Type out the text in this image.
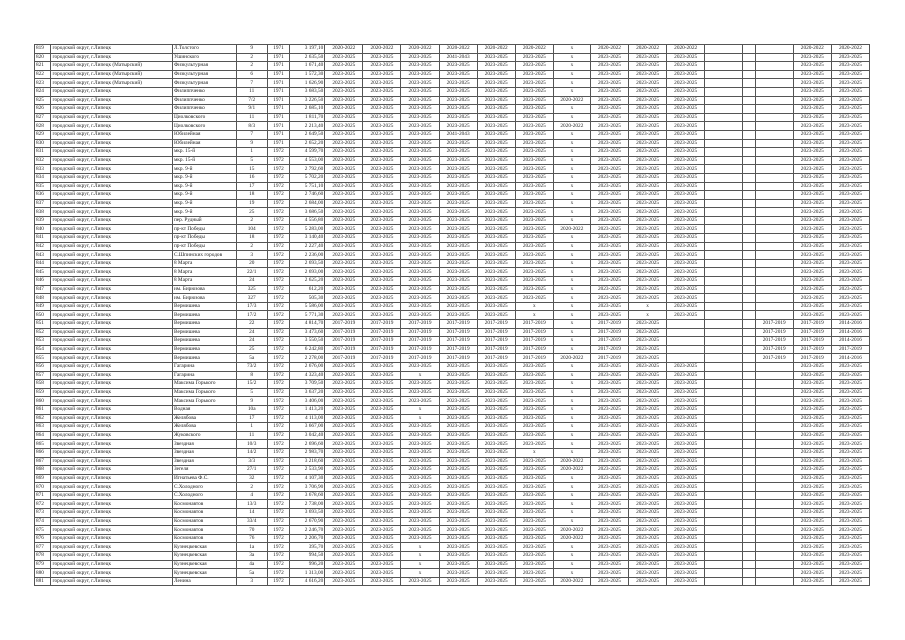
819	городской округ, г.Липецк	Л.Толстого	9	1971	3 197,10	2020-2022	2020-2022	2020-2022	2020-2022	2020-2022	2020-2022	x	2020-2022	2020-2022	2020-2022				2020-2022	2020-2022
820	городской округ, г.Липецк	Ушинского	2	1971	2 635,50	2023-2025	2023-2025	2023-2025	2041-2043	2023-2025	2023-2025	x	2023-2025	2023-2025	2023-2025				2023-2025	2023-2025
821	городской округ, г.Липецк (Матырский)	Физкультурная	2	1971	1 671,40	2023-2025	2023-2025	2023-2025	2023-2025	2023-2025	2023-2025	x	2023-2025	2023-2025	2023-2025				2023-2025	2023-2025
822	городской округ, г.Липецк (Матырский)	Физкультурная	6	1971	1 572,30	2023-2025	2023-2025	2023-2025	2023-2025	2023-2025	2023-2025	x	2023-2025	2023-2025	2023-2025				2023-2025	2023-2025
823	городской округ, г.Липецк (Матырский)	Физкультурная	7	1971	1 626,90	2023-2025	2023-2025	2023-2025	2023-2025	2023-2025	2023-2025	x	2023-2025	2023-2025	2023-2025				2023-2025	2023-2025
824	городской округ, г.Липецк	Филиппченко	11	1971	3 683,50	2023-2025	2023-2025	2023-2025	2023-2025	2023-2025	2023-2025	x	2023-2025	2023-2025	2023-2025				2023-2025	2023-2025
825	городской округ, г.Липецк	Филиппченко	7/2	1971	3 226,50	2023-2025	2023-2025	2023-2025	2023-2025	2023-2025	2023-2025	2020-2022	2023-2025	2023-2025	2023-2025				2023-2025	2023-2025
826	городской округ, г.Липецк	Филиппченко	9/1	1971	2 685,10	2023-2025	2023-2025	2023-2025	2023-2025	2023-2025	2023-2025	x	2023-2025	2023-2025	2023-2025				2023-2025	2023-2025
827	городской округ, г.Липецк	Циолковского	11	1971	1 811,70	2023-2025	2023-2025	2023-2025	2023-2025	2023-2025	2023-2025	x	2023-2025	2023-2025	2023-2025				2023-2025	2023-2025
828	городской округ, г.Липецк	Циолковского	8/3	1971	2 213,40	2023-2025	2023-2025	2023-2025	2023-2025	2023-2025	2023-2025	2020-2022	2023-2025	2023-2025	2023-2025				2023-2025	2023-2025
829	городской округ, г.Липецк	Юбилейная	7	1971	2 649,50	2023-2025	2023-2025	2023-2025	2041-2043	2023-2025	2023-2025	x	2023-2025	2023-2025	2023-2025				2023-2025	2023-2025
830	городской округ, г.Липецк	Юбилейная	9	1971	2 652,20	2023-2025	2023-2025	2023-2025	2023-2025	2023-2025	2023-2025	x	2023-2025	2023-2025	2023-2025				2023-2025	2023-2025
831	городской округ, г.Липецк	мкр. 15-й	1	1972	4 599,70	2023-2025	2023-2025	2023-2025	2023-2025	2023-2025	2023-2025	x	2023-2025	2023-2025	2023-2025				2023-2025	2023-2025
832	городской округ, г.Липецк	мкр. 15-й	5	1972	4 553,00	2023-2025	2023-2025	2023-2025	2023-2025	2023-2025	2023-2025	x	2023-2025	2023-2025	2023-2025				2023-2025	2023-2025
833	городской округ, г.Липецк	мкр. 9-й	15	1972	2 792,60	2023-2025	2023-2025	2023-2025	2023-2025	2023-2025	2023-2025	x	2023-2025	2023-2025	2023-2025				2023-2025	2023-2025
834	городской округ, г.Липецк	мкр. 9-й	16	1972	5 702,20	2023-2025	2023-2025	2023-2025	2023-2025	2023-2025	2023-2025	x	2023-2025	2023-2025	2023-2025				2023-2025	2023-2025
835	городской округ, г.Липецк	мкр. 9-й	17	1972	5 751,10	2023-2025	2023-2025	2023-2025	2023-2025	2023-2025	2023-2025	x	2023-2025	2023-2025	2023-2025				2023-2025	2023-2025
836	городской округ, г.Липецк	мкр. 9-й	18	1972	2 746,60	2023-2025	2023-2025	2023-2025	2023-2025	2023-2025	2023-2025	x	2023-2025	2023-2025	2023-2025				2023-2025	2023-2025
837	городской округ, г.Липецк	мкр. 9-й	19	1972	2 684,00	2023-2025	2023-2025	2023-2025	2023-2025	2023-2025	2023-2025	x	2023-2025	2023-2025	2023-2025				2023-2025	2023-2025
838	городской округ, г.Липецк	мкр. 9-й	25	1972	3 686,50	2023-2025	2023-2025	2023-2025	2023-2025	2023-2025	2023-2025	x	2023-2025	2023-2025	2023-2025				2023-2025	2023-2025
839	городской округ, г.Липецк	пер. Рудный	2	1972	4 556,80	2023-2025	2023-2025	2023-2025	2023-2025	2023-2025	2023-2025	x	2023-2025	2023-2025	2023-2025				2023-2025	2023-2025
840	городской округ, г.Липецк	пр-кт Победы	104	1972	5 283,00	2023-2025	2023-2025	2023-2025	2023-2025	2023-2025	2023-2025	2020-2022	2023-2025	2023-2025	2023-2025				2023-2025	2023-2025
841	городской округ, г.Липецк	пр-кт Победы	18	1972	3 140,40	2023-2025	2023-2025	2023-2025	2023-2025	2023-2025	2023-2025	x	2023-2025	2023-2025	2023-2025				2023-2025	2023-2025
842	городской округ, г.Липецк	пр-кт Победы	2	1972	2 227,40	2023-2025	2023-2025	2023-2025	2023-2025	2023-2025	2023-2025	x	2023-2025	2023-2025	2023-2025				2023-2025	2023-2025
843	городской округ, г.Липецк	С.Шпинских городов	3	1972	2 236,00	2023-2025	2023-2025	2023-2025	2023-2025	2023-2025	2023-2025	x	2023-2025	2023-2025	2023-2025				2023-2025	2023-2025
844	городской округ, г.Липецк	8 Марта	20	1972	2 693,50	2023-2025	2023-2025	2023-2025	2023-2025	2023-2025	2023-2025	x	2023-2025	2023-2025	2023-2025				2023-2025	2023-2025
845	городской округ, г.Липецк	8 Марта	22/1	1972	2 693,00	2023-2025	2023-2025	2023-2025	2023-2025	2023-2025	2023-2025	x	2023-2025	2023-2025	2023-2025				2023-2025	2023-2025
846	городской округ, г.Липецк	8 Марта	24	1972	2 625,20	2023-2025	2023-2025	2023-2025	2023-2025	2023-2025	2023-2025	x	2023-2025	2023-2025	2023-2025				2023-2025	2023-2025
847	городской округ, г.Липецк	им. Бирюзова	325	1972	612,20	2023-2025	2023-2025	2023-2025	2023-2025	2023-2025	2023-2025	x	2023-2025	2023-2025	2023-2025				2023-2025	2023-2025
848	городской округ, г.Липецк	им. Бирюзова	327	1972	505,30	2023-2025	2023-2025	2023-2025	2023-2025	2023-2025	2023-2025	x	2023-2025	2023-2025	2023-2025				2023-2025	2023-2025
849	городской округ, г.Липецк	Вермишева	17/3	1972	5 586,00	2023-2025	2023-2025	2023-2025	2023-2025	2023-2025	x	x	2023-2025	x	2023-2025				2023-2025	2023-2025
850	городской округ, г.Липецк	Вермишева	17/2	1972	5 771,30	2023-2025	2023-2025	2023-2025	2023-2025	2023-2025	x	x	2023-2025	x	2023-2025				2023-2025	2023-2025
851	городской округ, г.Липецк	Вермишева	22	1972	4 814,70	2017-2019	2017-2019	2017-2019	2017-2019	2017-2019	2017-2019	x	2017-2019	2023-2025				2017-2019	2017-2019	2014-2016
852	городской округ, г.Липецк	Вермишева	24	1972	3 473,60	2017-2019	2017-2019	2017-2019	2017-2019	2017-2019	2017-2019	x	2017-2019	2023-2025				2017-2019	2017-2019	2014-2016
853	городской округ, г.Липецк	Вермишева	24	1972	3 550,50	2017-2019	2017-2019	2017-2019	2017-2019	2017-2019	2017-2019	x	2017-2019	2023-2025				2017-2019	2017-2019	2014-2016
854	городской округ, г.Липецк	Вермишева	25	1972	6 242,80	2017-2019	2017-2019	2017-2019	2017-2019	2017-2019	2017-2019	x	2017-2019	2023-2025				2017-2019	2017-2019	2017-2019
855	городской округ, г.Липецк	Вермишева	5а	1972	2 278,00	2017-2019	2017-2019	2017-2019	2017-2019	2017-2019	2017-2019	2020-2022	2017-2019	2023-2025				2017-2019	2017-2019	2014-2016
856	городской округ, г.Липецк	Гагарина	73/2	1972	2 676,00	2023-2025	2023-2025	2023-2025	2023-2025	2023-2025	2023-2025	x	2023-2025	2023-2025	2023-2025				2023-2025	2023-2025
857	городской округ, г.Липецк	Гагарина	8	1972	4 323,40	2023-2025	2023-2025	x	2023-2025	2023-2025	2023-2025	x	2023-2025	2023-2025	2023-2025				2023-2025	2023-2025
858	городской округ, г.Липецк	Максима Горького	15/2	1972	3 709,50	2023-2025	2023-2025	2023-2025	2023-2025	2023-2025	2023-2025	x	2023-2025	2023-2025	2023-2025				2023-2025	2023-2025
859	городской округ, г.Липецк	Максима Горького	5	1972	3 637,20	2023-2025	2023-2025	2023-2025	2023-2025	2023-2025	2023-2025	x	2023-2025	2023-2025	2023-2025				2023-2025	2023-2025
860	городской округ, г.Липецк	Максима Горького	9	1972	3 406,00	2023-2025	2023-2025	2023-2025	2023-2025	2023-2025	2023-2025	x	2023-2025	2023-2025	2023-2025				2023-2025	2023-2025
861	городской округ, г.Липецк	Водная	10а	1972	1 413,20	2023-2025	2023-2025	x	2023-2025	2023-2025	2023-2025	x	2023-2025	2023-2025	2023-2025				2023-2025	2023-2025
862	городской округ, г.Липецк	Желябова	17	1972	4 113,00	2023-2025	2023-2025	x	2023-2025	2023-2025	2023-2025	x	2023-2025	2023-2025	2023-2025				2023-2025	2023-2025
863	городской округ, г.Липецк	Желябова	1	1972	3 667,00	2023-2025	2023-2025	2023-2025	2023-2025	2023-2025	2023-2025	x	2023-2025	2023-2025	2023-2025				2023-2025	2023-2025
864	городской округ, г.Липецк	Жуковского	11	1972	3 042,40	2023-2025	2023-2025	2023-2025	2023-2025	2023-2025	2023-2025	x	2023-2025	2023-2025	2023-2025				2023-2025	2023-2025
865	городской округ, г.Липецк	Звездная	10/3	1972	2 696,60	2023-2025	2023-2025	2023-2025	2023-2025	2023-2025	2023-2025	x	2023-2025	2023-2025	2023-2025				2023-2025	2023-2025
866	городской округ, г.Липецк	Звездная	14/2	1972	2 983,70	2023-2025	2023-2025	2023-2025	2023-2025	2023-2025	x	x	2023-2025	2023-2025	2023-2025				2023-2025	2023-2025
867	городской округ, г.Липецк	Звездная	3/3	1972	3 218,60	2023-2025	2023-2025	2023-2025	2023-2025	2023-2025	2023-2025	2020-2022	2023-2025	2023-2025	2023-2025				2023-2025	2023-2025
868	городской округ, г.Липецк	Зегеля	27/1	1972	2 533,90	2023-2025	2023-2025	2023-2025	2023-2025	2023-2025	2023-2025	2020-2022	2023-2025	2023-2025	2023-2025				2023-2025	2023-2025
869	городской округ, г.Липецк	Игнатьева Ф.С.	32	1972	4 107,30	2023-2025	2023-2025	2023-2025	2023-2025	2023-2025	2023-2025	x	2023-2025	2023-2025	2023-2025				2023-2025	2023-2025
870	городской округ, г.Липецк	С.Холодного	2	1972	3 706,90	2023-2025	2023-2025	2023-2025	2023-2025	2023-2025	2023-2025	x	2023-2025	2023-2025	2023-2025				2023-2025	2023-2025
871	городской округ, г.Липецк	С.Холодного	4	1972	3 678,60	2023-2025	2023-2025	2023-2025	2023-2025	2023-2025	2023-2025	x	2023-2025	2023-2025	2023-2025				2023-2025	2023-2025
872	городской округ, г.Липецк	Космонавтов	13/3	1972	2 738,00	2023-2025	2023-2025	2023-2025	2023-2025	2023-2025	2023-2025	x	2023-2025	2023-2025	2023-2025				2023-2025	2023-2025
873	городской округ, г.Липецк	Космонавтов	14	1972	3 693,50	2023-2025	2023-2025	2023-2025	2023-2025	2023-2025	2023-2025	x	2023-2025	2023-2025	2023-2025				2023-2025	2023-2025
874	городской округ, г.Липецк	Космонавтов	33/4	1972	2 670,90	2023-2025	2023-2025	2023-2025	2023-2025	2023-2025	2023-2025	x	2023-2025	2023-2025	2023-2025				2023-2025	2023-2025
875	городской округ, г.Липецк	Космонавтов	70	1972	2 246,70	2023-2025	2023-2025	2023-2025	2023-2025	2023-2025	2023-2025	2020-2022	2023-2025	2023-2025	2023-2025				2023-2025	2023-2025
876	городской округ, г.Липецк	Космонавтов	76	1972	2 206,70	2023-2025	2023-2025	2023-2025	2023-2025	2023-2025	2023-2025	2020-2022	2023-2025	2023-2025	2023-2025				2023-2025	2023-2025
877	городской округ, г.Липецк	Кузнецкевская	1а	1972	395,70	2023-2025	2023-2025	x	2023-2025	2023-2025	2023-2025	x	2023-2025	2023-2025	2023-2025				2023-2025	2023-2025
878	городской округ, г.Липецк	Кузнецкевская	3а	1972	994,50	2023-2025	2023-2025	x	2023-2025	2023-2025	2023-2025	x	2023-2025	2023-2025	2023-2025				2023-2025	2023-2025
879	городской округ, г.Липецк	Кузнецкевская	4а	1972	996,20	2023-2025	2023-2025	x	2023-2025	2023-2025	2023-2025	x	2023-2025	2023-2025	2023-2025				2023-2025	2023-2025
880	городской округ, г.Липецк	Кузнецкевская	5а	1972	1 313,00	2023-2025	2023-2025	x	2023-2025	2023-2025	2023-2025	x	2023-2025	2023-2025	2023-2025				2023-2025	2023-2025
881	городской округ, г.Липецк	Ленина	3	1972	4 616,20	2023-2025	2023-2025	2023-2025	2023-2025	2023-2025	2023-2025	2020-2022	2023-2025	2023-2025	2023-2025				2023-2025	2023-2025
